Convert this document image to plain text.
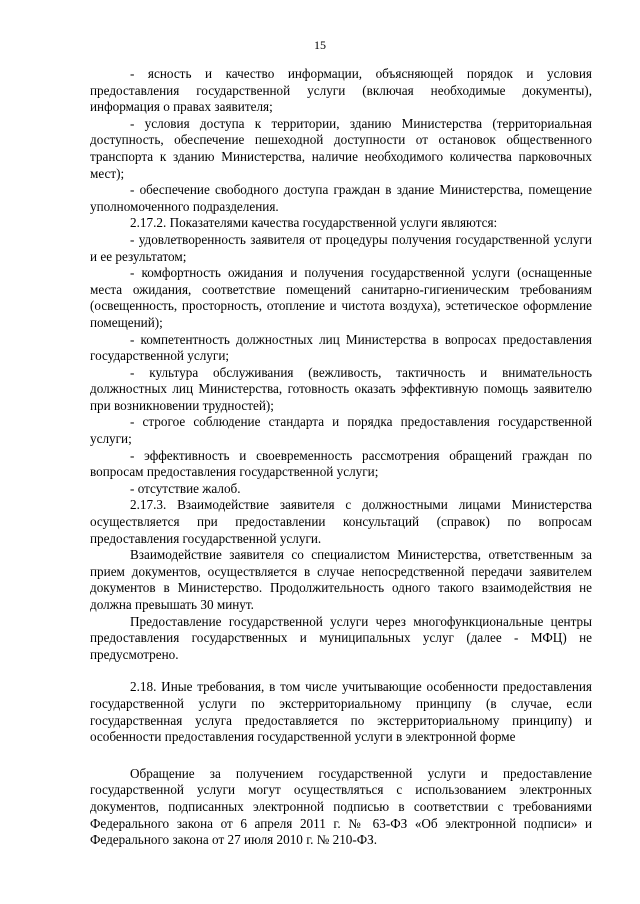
15

- ясность и качество информации, объясняющей порядок и условия предоставления государственной услуги (включая необходимые документы), информация о правах заявителя;

- условия доступа к территории, зданию Министерства (территориальная доступность, обеспечение пешеходной доступности от остановок общественного транспорта к зданию Министерства, наличие необходимого количества парковочных мест);

- обеспечение свободного доступа граждан в здание Министерства, помещение уполномоченного подразделения.

2.17.2. Показателями качества государственной услуги являются:

- удовлетворенность заявителя от процедуры получения государственной услуги и ее результатом;

- комфортность ожидания и получения государственной услуги (оснащенные места ожидания, соответствие помещений санитарно-гигиеническим требованиям (освещенность, просторность, отопление и чистота воздуха), эстетическое оформление помещений);

- компетентность должностных лиц Министерства в вопросах предоставления государственной услуги;

- культура обслуживания (вежливость, тактичность и внимательность должностных лиц Министерства, готовность оказать эффективную помощь заявителю при возникновении трудностей);

- строгое соблюдение стандарта и порядка предоставления государственной услуги;

- эффективность и своевременность рассмотрения обращений граждан по вопросам предоставления государственной услуги;

- отсутствие жалоб.

2.17.3. Взаимодействие заявителя с должностными лицами Министерства осуществляется при предоставлении консультаций (справок) по вопросам предоставления государственной услуги.

Взаимодействие заявителя со специалистом Министерства, ответственным за прием документов, осуществляется в случае непосредственной передачи заявителем документов в Министерство. Продолжительность одного такого взаимодействия не должна превышать 30 минут.

Предоставление государственной услуги через многофункциональные центры предоставления государственных и муниципальных услуг (далее - МФЦ) не предусмотрено.

2.18. Иные требования, в том числе учитывающие особенности предоставления государственной услуги по экстерриториальному принципу (в случае, если государственная услуга предоставляется по экстерриториальному принципу) и особенности предоставления государственной услуги в электронной форме

Обращение за получением государственной услуги и предоставление государственной услуги могут осуществляться с использованием электронных документов, подписанных электронной подписью в соответствии с требованиями Федерального закона от 6 апреля 2011 г. № 63-ФЗ «Об электронной подписи» и Федерального закона от 27 июля 2010 г. № 210-ФЗ.
